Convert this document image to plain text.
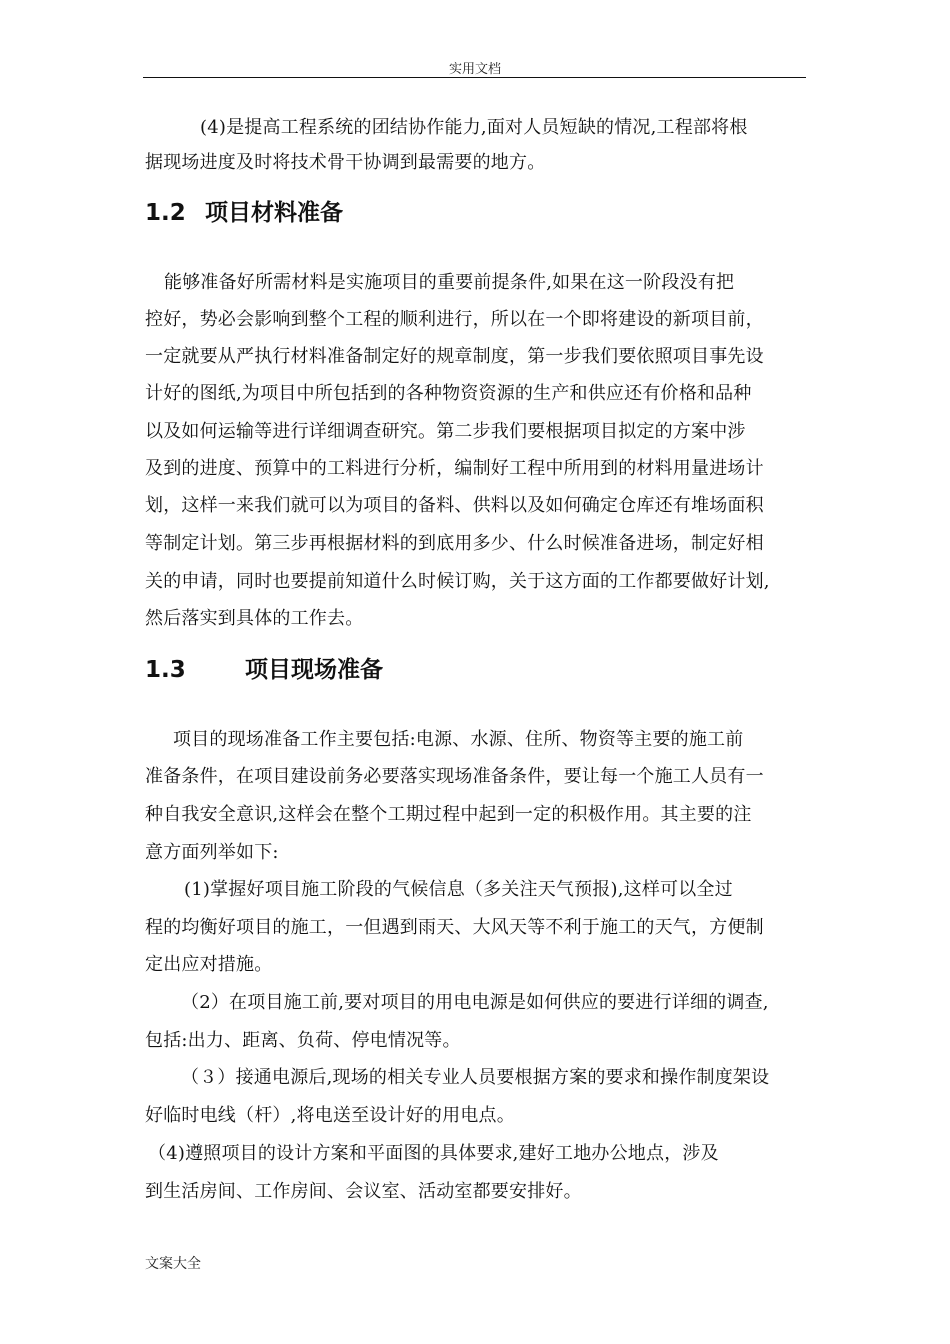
实用文档
(4)是提高工程系统的团结协作能力,面对人员短缺的情况,工程部将根
据现场进度及时将技术骨干协调到最需要的地方。
1.2 项目材料准备
能够准备好所需材料是实施项目的重要前提条件,如果在这一阶段没有把
控好，势必会影响到整个工程的顺利进行，所以在一个即将建设的新项目前，
一定就要从严执行材料准备制定好的规章制度，第一步我们要依照项目事先设
计好的图纸,为项目中所包括到的各种物资资源的生产和供应还有价格和品种
以及如何运输等进行详细调查研究。第二步我们要根据项目拟定的方案中涉
及到的进度、预算中的工料进行分析，编制好工程中所用到的材料用量进场计
划，这样一来我们就可以为项目的备料、供料以及如何确定仓库还有堆场面积
等制定计划。第三步再根据材料的到底用多少、什么时候准备进场，制定好相
关的申请，同时也要提前知道什么时候订购，关于这方面的工作都要做好计划,
然后落实到具体的工作去。
1.3	项目现场准备
项目的现场准备工作主要包括:电源、水源、住所、物资等主要的施工前
准备条件，在项目建设前务必要落实现场准备条件，要让每一个施工人员有一
种自我安全意识,这样会在整个工期过程中起到一定的积极作用。其主要的注
意方面列举如下:
(1)掌握好项目施工阶段的气候信息（多关注天气预报),这样可以全过
程的均衡好项目的施工，一但遇到雨天、大风天等不利于施工的天气，方便制
定出应对措施。
（2）在项目施工前,要对项目的用电电源是如何供应的要进行详细的调查,
包括:出力、距离、负荷、停电情况等。
（３）接通电源后,现场的相关专业人员要根据方案的要求和操作制度架设
好临时电线（杆）,将电送至设计好的用电点。
（4)遵照项目的设计方案和平面图的具体要求,建好工地办公地点，涉及
到生活房间、工作房间、会议室、活动室都要安排好。
文案大全
